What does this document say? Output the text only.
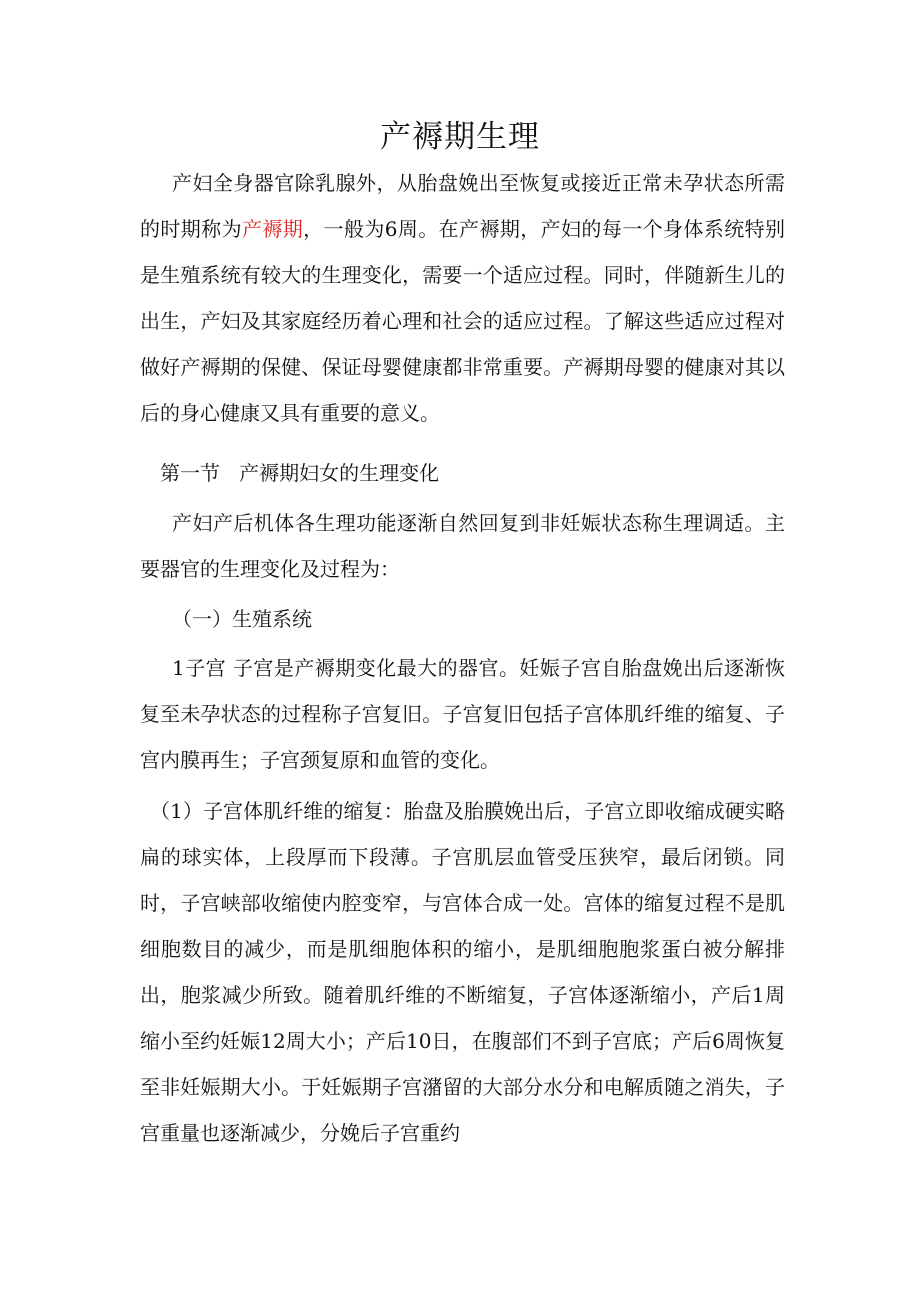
产褥期生理
产妇全身器官除乳腺外，从胎盘娩出至恢复或接近正常未孕状态所需的时期称为产褥期，一般为6周。在产褥期，产妇的每一个身体系统特别是生殖系统有较大的生理变化，需要一个适应过程。同时，伴随新生儿的出生，产妇及其家庭经历着心理和社会的适应过程。了解这些适应过程对做好产褥期的保健、保证母婴健康都非常重要。产褥期母婴的健康对其以后的身心健康又具有重要的意义。
第一节   产褥期妇女的生理变化
产妇产后机体各生理功能逐渐自然回复到非妊娠状态称生理调适。主要器官的生理变化及过程为：
（一）生殖系统
1子宫 子宫是产褥期变化最大的器官。妊娠子宫自胎盘娩出后逐渐恢复至未孕状态的过程称子宫复旧。子宫复旧包括子宫体肌纤维的缩复、子宫内膜再生；子宫颈复原和血管的变化。
（1）子宫体肌纤维的缩复：胎盘及胎膜娩出后，子宫立即收缩成硬实略扁的球实体，上段厚而下段薄。子宫肌层血管受压狭窄，最后闭锁。同时，子宫峡部收缩使内腔变窄，与宫体合成一处。宫体的缩复过程不是肌细胞数目的减少，而是肌细胞体积的缩小，是肌细胞胞浆蛋白被分解排出，胞浆减少所致。随着肌纤维的不断缩复，子宫体逐渐缩小，产后1周缩小至约妊娠12周大小；产后10日，在腹部们不到子宫底；产后6周恢复至非妊娠期大小。于妊娠期子宫潴留的大部分水分和电解质随之消失，子宫重量也逐渐减少，分娩后子宫重约
